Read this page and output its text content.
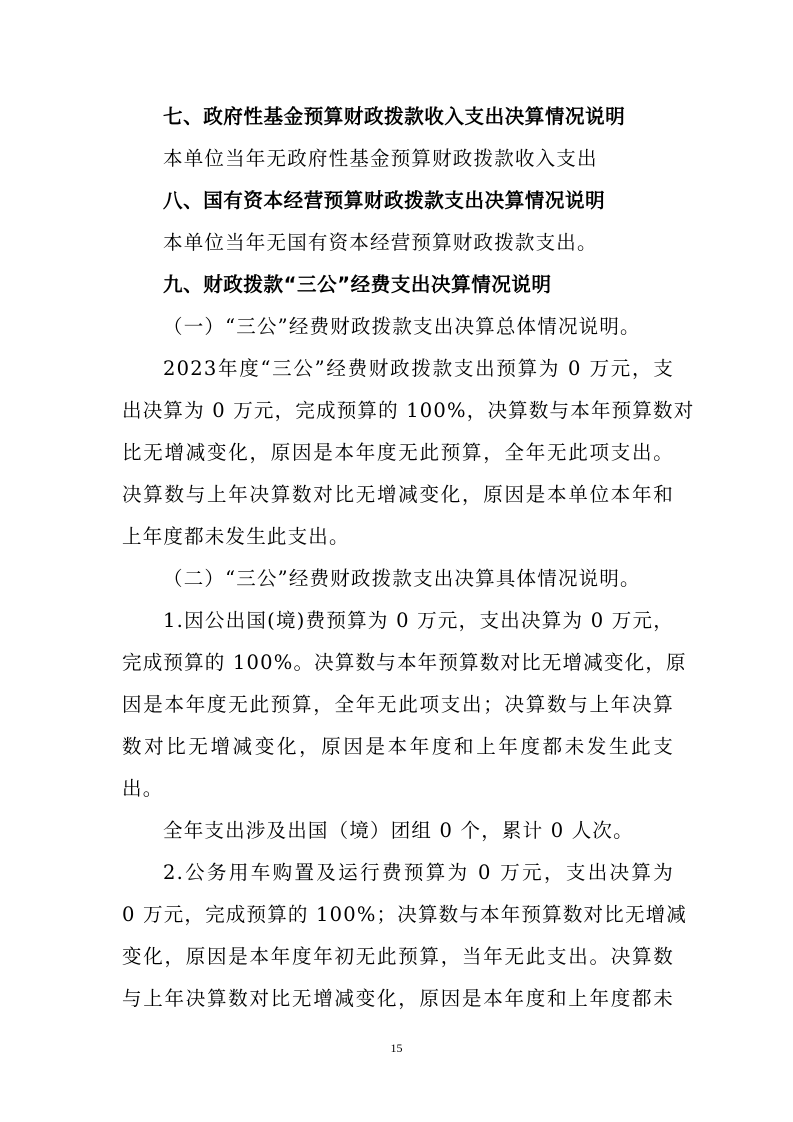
七、政府性基金预算财政拨款收入支出决算情况说明
本单位当年无政府性基金预算财政拨款收入支出
八、国有资本经营预算财政拨款支出决算情况说明
本单位当年无国有资本经营预算财政拨款支出。
九、财政拨款“三公”经费支出决算情况说明
（一）“三公”经费财政拨款支出决算总体情况说明。
2023年度“三公”经费财政拨款支出预算为 0 万元，支
出决算为 0 万元，完成预算的 100%，决算数与本年预算数对
比无增减变化，原因是本年度无此预算，全年无此项支出。
决算数与上年决算数对比无增减变化，原因是本单位本年和
上年度都未发生此支出。
（二）“三公”经费财政拨款支出决算具体情况说明。
1.因公出国(境)费预算为 0 万元，支出决算为 0 万元，
完成预算的 100%。决算数与本年预算数对比无增减变化，原
因是本年度无此预算，全年无此项支出；决算数与上年决算
数对比无增减变化，原因是本年度和上年度都未发生此支
出。
全年支出涉及出国（境）团组 0 个，累计 0 人次。
2.公务用车购置及运行费预算为 0 万元，支出决算为
0 万元，完成预算的 100%；决算数与本年预算数对比无增减
变化，原因是本年度年初无此预算，当年无此支出。决算数
与上年决算数对比无增减变化，原因是本年度和上年度都未
15
